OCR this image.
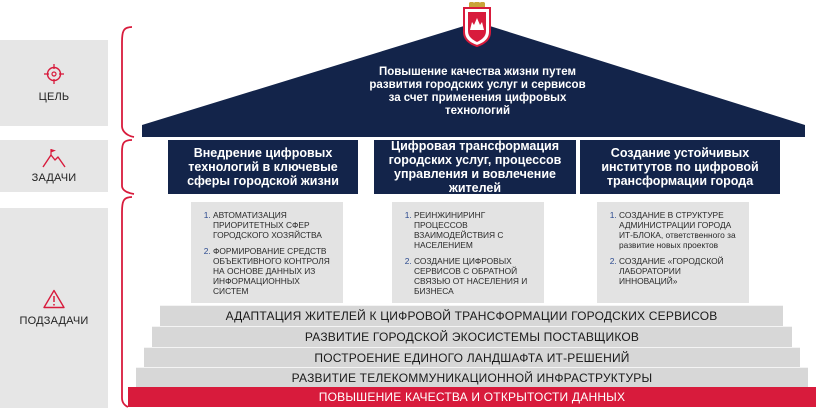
ЦЕЛЬ
ЗАДАЧИ
ПОДЗАДАЧИ
Повышение качества жизни путем развития городских услуг и сервисов за счет применения цифровых технологий
Внедрение цифровых технологий в ключевые сферы городской жизни
Цифровая трансформация городских услуг, процессов управления и вовлечение жителей
Создание устойчивых институтов по цифровой трансформации города
1. АВТОМАТИЗАЦИЯ ПРИОРИТЕТНЫХ СФЕР ГОРОДСКОГО ХОЗЯЙСТВА
2. ФОРМИРОВАНИЕ СРЕДСТВ ОБЪЕКТИВНОГО КОНТРОЛЯ НА ОСНОВЕ ДАННЫХ ИЗ ИНФОРМАЦИОННЫХ СИСТЕМ
1. РЕИНЖИНИРИНГ ПРОЦЕССОВ ВЗАИМОДЕЙСТВИЯ С НАСЕЛЕНИЕМ
2. СОЗДАНИЕ ЦИФРОВЫХ СЕРВИСОВ С ОБРАТНОЙ СВЯЗЬЮ ОТ НАСЕЛЕНИЯ И БИЗНЕСА
1. СОЗДАНИЕ В СТРУКТУРЕ АДМИНИСТРАЦИИ ГОРОДА ИТ-БЛОКА, ответственного за развитие новых проектов
2. СОЗДАНИЕ «ГОРОДСКОЙ ЛАБОРАТОРИИ ИННОВАЦИЙ»
АДАПТАЦИЯ ЖИТЕЛЕЙ К ЦИФРОВОЙ ТРАНСФОРМАЦИИ ГОРОДСКИХ СЕРВИСОВ
РАЗВИТИЕ ГОРОДСКОЙ ЭКОСИСТЕМЫ ПОСТАВЩИКОВ
ПОСТРОЕНИЕ ЕДИНОГО ЛАНДШАФТА ИТ-РЕШЕНИЙ
РАЗВИТИЕ ТЕЛЕКОММУНИКАЦИОННОЙ ИНФРАСТРУКТУРЫ
ПОВЫШЕНИЕ КАЧЕСТВА И ОТКРЫТОСТИ ДАННЫХ
